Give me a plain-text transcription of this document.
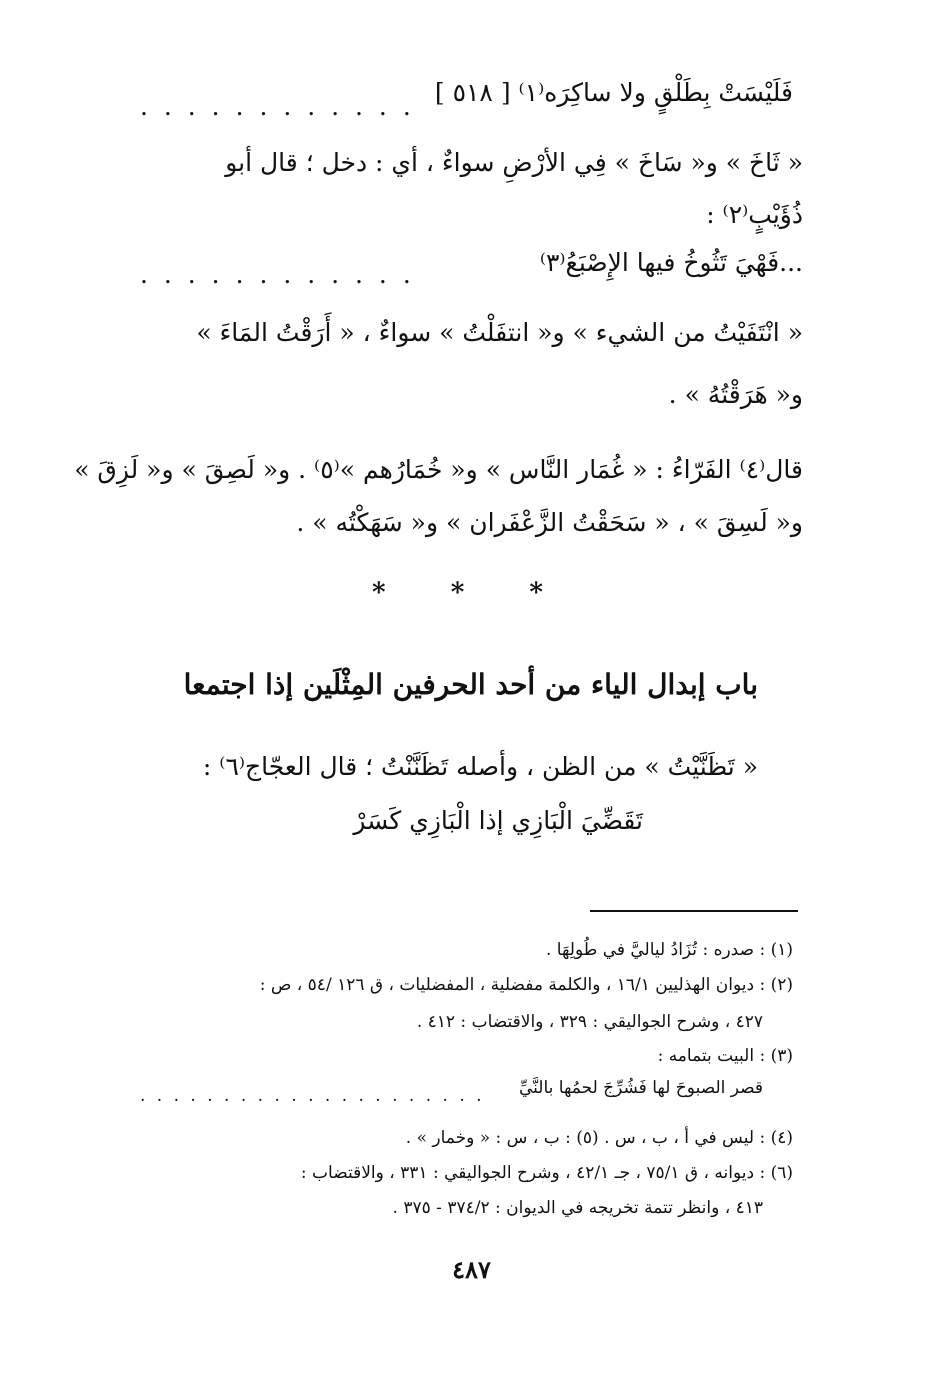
. . . . . . . . . . . . فَلَيْسَتْ بِطَلْقٍ ولا ساكِرَه⁽١⁾ [ ٥١٨ ]
« ثَاخَ » و« سَاخَ » فِي الأرْضِ سواءٌ ، أي : دخل ؛ قال أبو
ذُؤَيْبٍ⁽٢⁾ :
. . . . . . . . . . . .	...فَهْيَ تَثُوخُ فيها الإِصْبَعُ⁽٣⁾
« انْتَفَيْتُ من الشيء » و« انتفَلْتُ » سواءٌ ، « أَرَقْتُ المَاءَ »
و« هَرَقْتُهُ » .
قال⁽٤⁾ الفَرّاءُ : « غُمَار النَّاس » و« خُمَارُهم »⁽٥⁾ . و« لَصِقَ » و« لَزِقَ »
و« لَسِقَ » ، « سَحَقْتُ الزَّعْفَران » و« سَهَكْتُه » .
* * *
باب إبدال الياء من أحد الحرفين المِثْلَين إذا اجتمعا
« تَظَنَّيْتُ » من الظن ، وأصله تَظَنَّنْتُ ؛ قال العجّاج⁽٦⁾ :
تَقَضِّيَ الْبَازِي إذا الْبَازِي كَسَرْ
(١) : صدره : تُزَادُ لياليَّ في طُولِهَا .
(٢) : ديوان الهذليين ١٦/١ ، والكلمة مفضلية ، المفضليات ، ق ١٢٦ /٥٤ ، ص :
٤٢٧ ، وشرح الجواليقي : ٣٢٩ ، والاقتضاب : ٤١٢ .
(٣) : البيت بتمامه :
قصر الصبوحَ لها فَشُرِّجَ لحمُها بالنَّيِّ
. . . . . . . . . . . . . . . . . . . . .
(٤) : ليس في أ ، ب ، س . (٥) : ب ، س : « وخمار » .
(٦) : ديوانه ، ق ٧٥/١ ، جـ ٤٢/١ ، وشرح الجواليقي : ٣٣١ ، والاقتضاب :
٤١٣ ، وانظر تتمة تخريجه في الديوان : ٣٧٤/٢ - ٣٧٥ .
٤٨٧
